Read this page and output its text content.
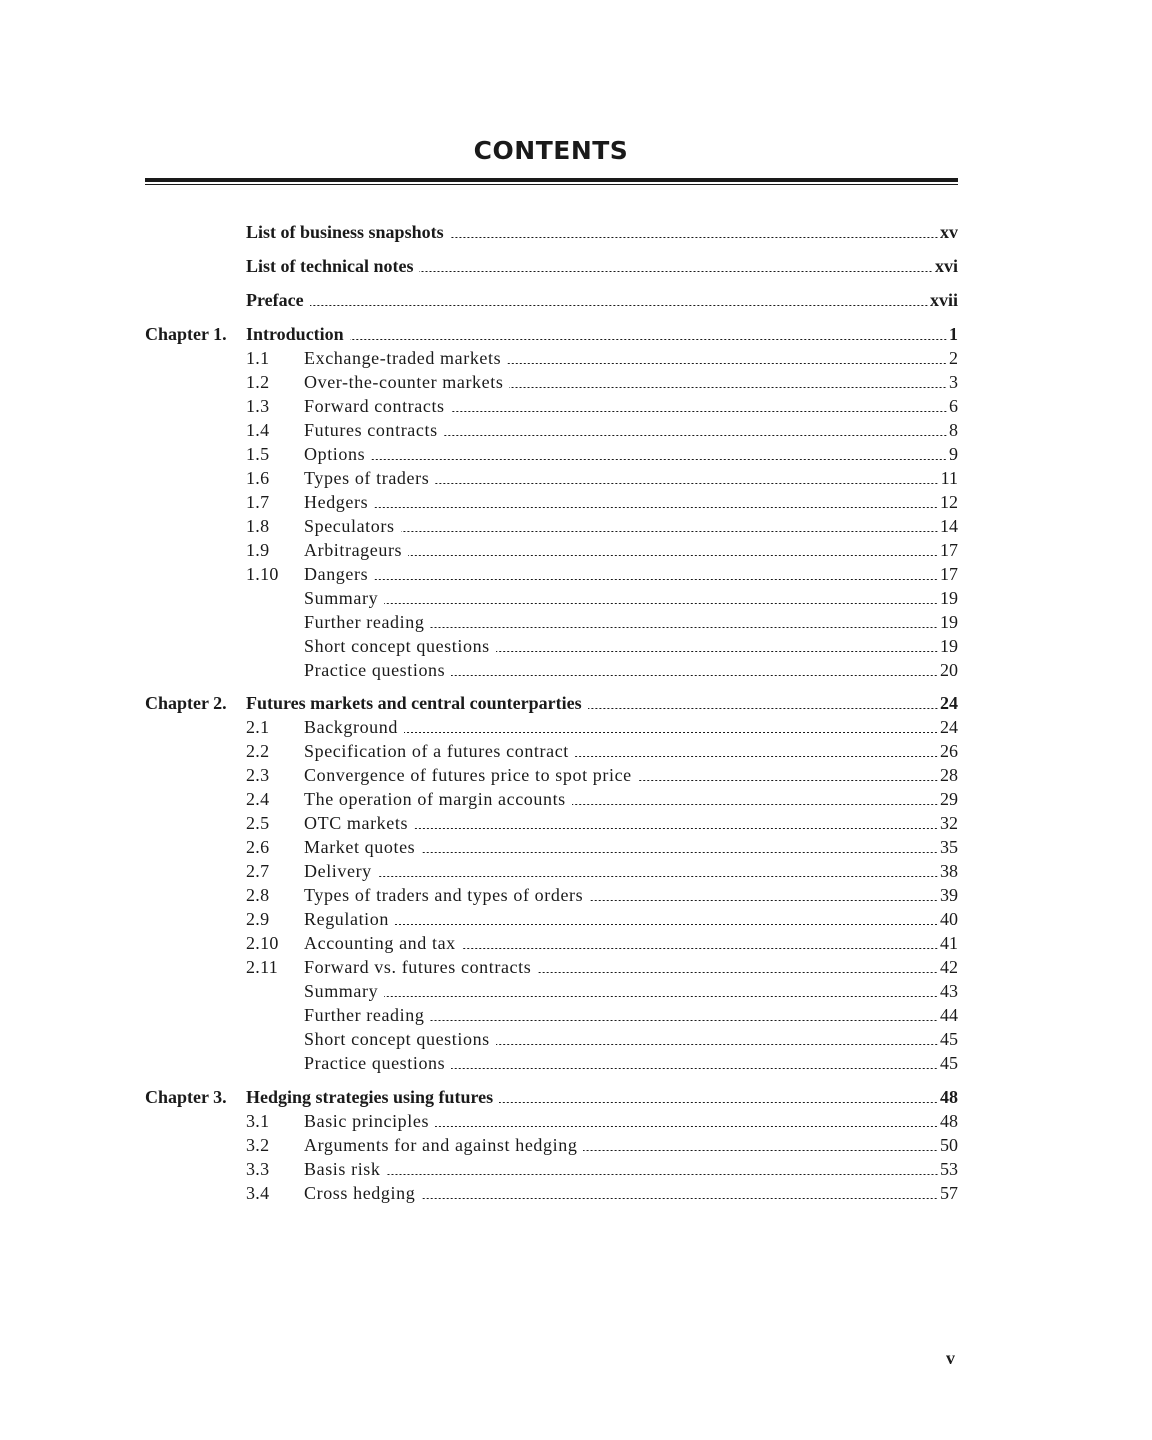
CONTENTS
List of business snapshots	xv
List of technical notes	xvi
Preface	xvii
Chapter 1. Introduction	1
1.1 Exchange-traded markets	2
1.2 Over-the-counter markets	3
1.3 Forward contracts	6
1.4 Futures contracts	8
1.5 Options	9
1.6 Types of traders	11
1.7 Hedgers	12
1.8 Speculators	14
1.9 Arbitrageurs	17
1.10 Dangers	17
Summary	19
Further reading	19
Short concept questions	19
Practice questions	20
Chapter 2. Futures markets and central counterparties	24
2.1 Background	24
2.2 Specification of a futures contract	26
2.3 Convergence of futures price to spot price	28
2.4 The operation of margin accounts	29
2.5 OTC markets	32
2.6 Market quotes	35
2.7 Delivery	38
2.8 Types of traders and types of orders	39
2.9 Regulation	40
2.10 Accounting and tax	41
2.11 Forward vs. futures contracts	42
Summary	43
Further reading	44
Short concept questions	45
Practice questions	45
Chapter 3. Hedging strategies using futures	48
3.1 Basic principles	48
3.2 Arguments for and against hedging	50
3.3 Basis risk	53
3.4 Cross hedging	57
v
